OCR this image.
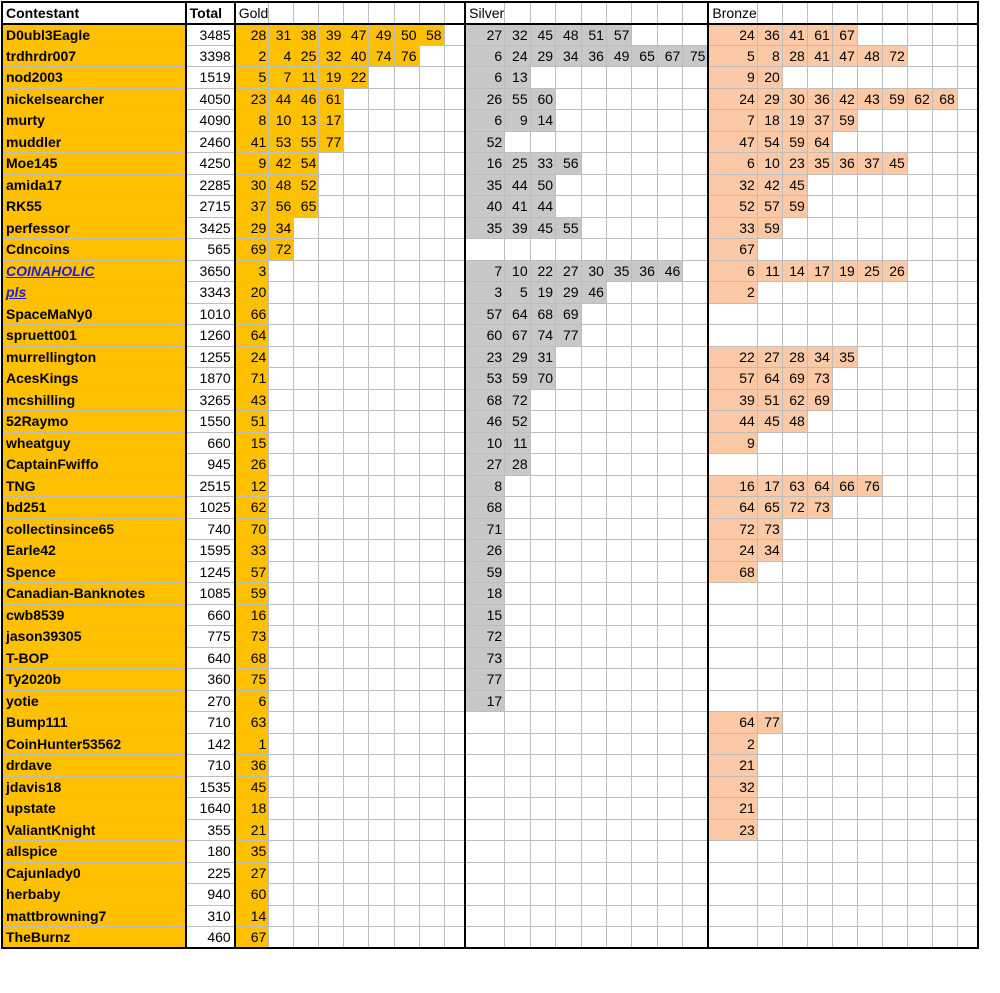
Contestant	Total	Gold									Silver									Bronze									
D0ubl3Eagle	3485	28	31	38	39	47	49	50	58		27	32	45	48	51	57				24	36	41	61	67					
trdhrdr007	3398	2	4	25	32	40	74	76			6	24	29	34	36	49	65	67	75	5	8	28	41	47	48	72			
nod2003	1519	5	7	11	19	22					6	13								9	20								
nickelsearcher	4050	23	44	46	61						26	55	60							24	29	30	36	42	43	59	62	68	
murty	4090	8	10	13	17						6	9	14							7	18	19	37	59					
muddler	2460	41	53	55	77						52									47	54	59	64						
Moe145	4250	9	42	54							16	25	33	56						6	10	23	35	36	37	45			
amida17	2285	30	48	52							35	44	50							32	42	45							
RK55	2715	37	56	65							40	41	44							52	57	59							
perfessor	3425	29	34								35	39	45	55						33	59								
Cdncoins	565	69	72																	67									
COINAHOLIC	3650	3									7	10	22	27	30	35	36	46		6	11	14	17	19	25	26			
pls	3343	20									3	5	19	29	46					2									
SpaceMaNy0	1010	66									57	64	68	69															
spruett001	1260	64									60	67	74	77															
murrellington	1255	24									23	29	31							22	27	28	34	35					
AcesKings	1870	71									53	59	70							57	64	69	73						
mcshilling	3265	43									68	72								39	51	62	69						
52Raymo	1550	51									46	52								44	45	48							
wheatguy	660	15									10	11								9									
CaptainFwiffo	945	26									27	28																	
TNG	2515	12									8									16	17	63	64	66	76				
bd251	1025	62									68									64	65	72	73						
collectinsince65	740	70									71									72	73								
Earle42	1595	33									26									24	34								
Spence	1245	57									59									68									
Canadian-Banknotes	1085	59									18																		
cwb8539	660	16									15																		
jason39305	775	73									72																		
T-BOP	640	68									73																		
Ty2020b	360	75									77																		
yotie	270	6									17																		
Bump111	710	63																		64	77								
CoinHunter53562	142	1																		2									
drdave	710	36																		21									
jdavis18	1535	45																		32									
upstate	1640	18																		21									
ValiantKnight	355	21																		23									
allspice	180	35																											
Cajunlady0	225	27																											
herbaby	940	60																											
mattbrowning7	310	14																											
TheBurnz	460	67																											
